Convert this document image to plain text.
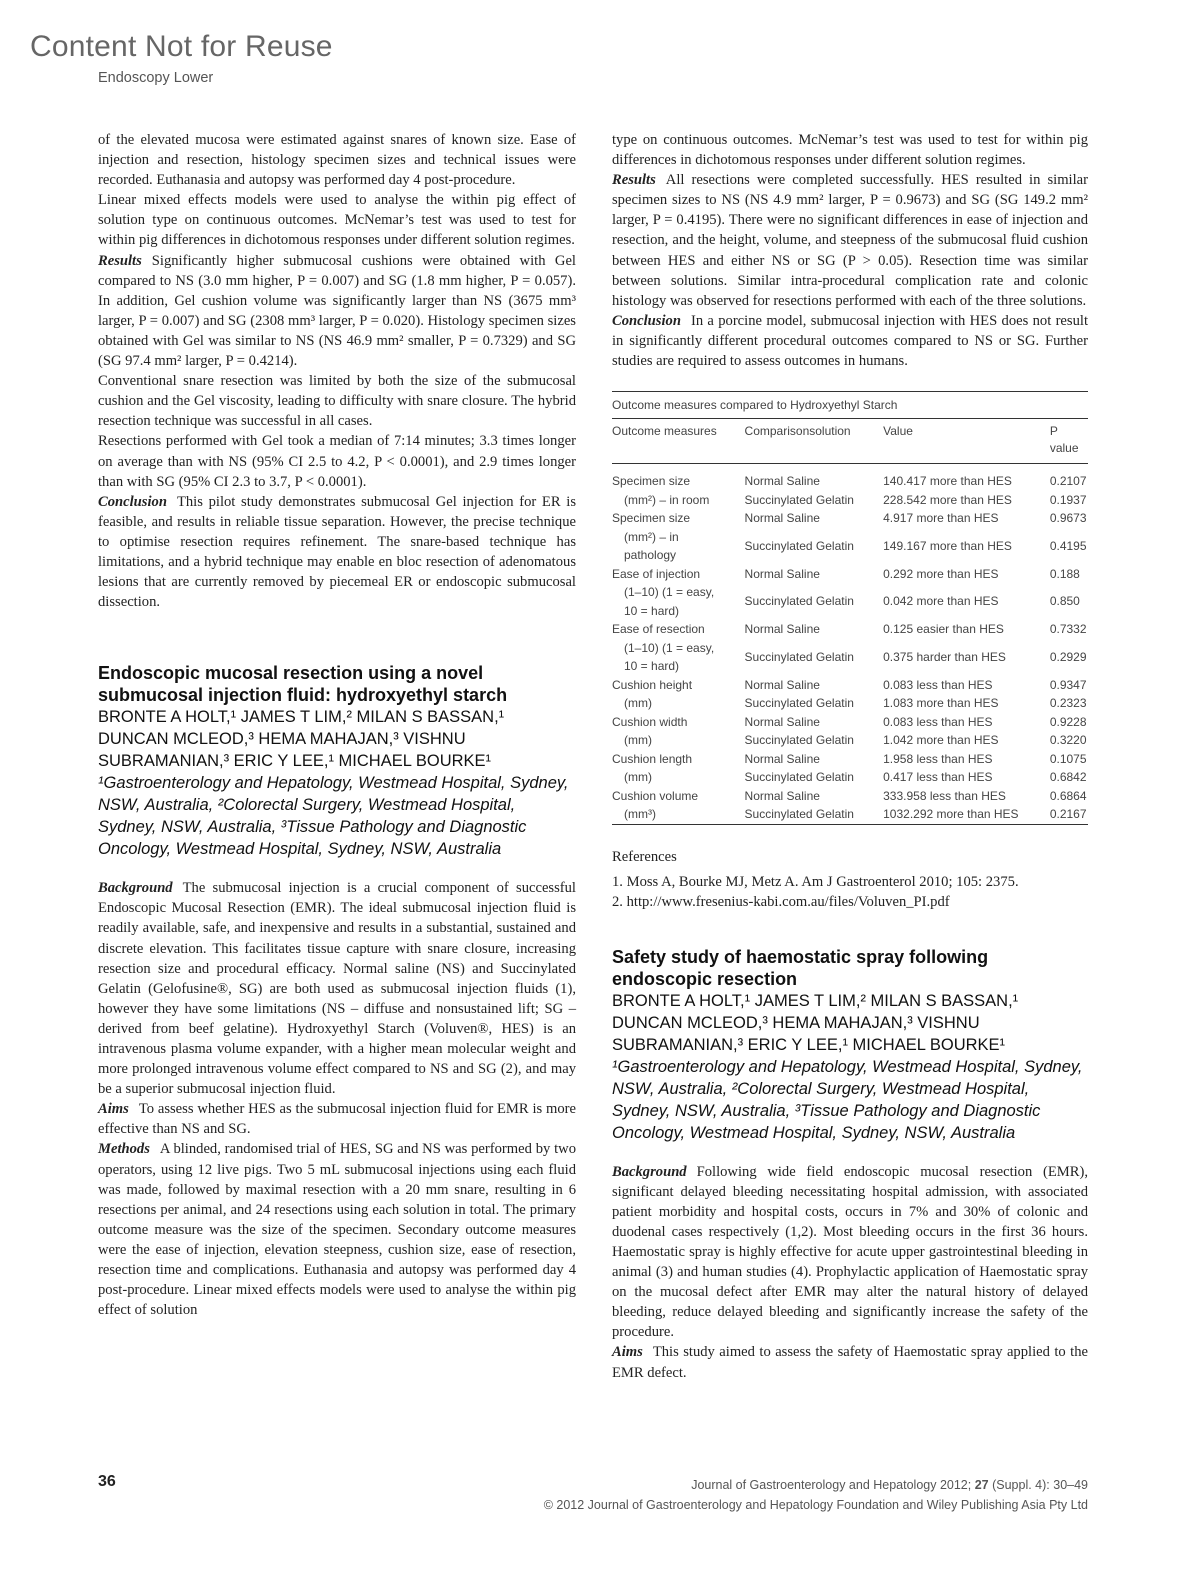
Content Not for Reuse
Endoscopy Lower

of the elevated mucosa were estimated against snares of known size. Ease of injection and resection, histology specimen sizes and technical issues were recorded. Euthanasia and autopsy was performed day 4 post-procedure.

Linear mixed effects models were used to analyse the within pig effect of solution type on continuous outcomes. McNemar’s test was used to test for within pig differences in dichotomous responses under different solution regimes.

Results Significantly higher submucosal cushions were obtained with Gel compared to NS (3.0 mm higher, P = 0.007) and SG (1.8 mm higher, P = 0.057). In addition, Gel cushion volume was significantly larger than NS (3675 mm³ larger, P = 0.007) and SG (2308 mm³ larger, P = 0.020). Histology specimen sizes obtained with Gel was similar to NS (NS 46.9 mm² smaller, P = 0.7329) and SG (SG 97.4 mm² larger, P = 0.4214).

Conventional snare resection was limited by both the size of the submucosal cushion and the Gel viscosity, leading to difficulty with snare closure. The hybrid resection technique was successful in all cases.

Resections performed with Gel took a median of 7:14 minutes; 3.3 times longer on average than with NS (95% CI 2.5 to 4.2, P < 0.0001), and 2.9 times longer than with SG (95% CI 2.3 to 3.7, P < 0.0001).

Conclusion This pilot study demonstrates submucosal Gel injection for ER is feasible, and results in reliable tissue separation. However, the precise technique to optimise resection requires refinement. The snare-based technique has limitations, and a hybrid technique may enable en bloc resection of adenomatous lesions that are currently removed by piecemeal ER or endoscopic submucosal dissection.

Endoscopic mucosal resection using a novel submucosal injection fluid: hydroxyethyl starch

BRONTE A HOLT,¹ JAMES T LIM,² MILAN S BASSAN,¹ DUNCAN MCLEOD,³ HEMA MAHAJAN,³ VISHNU SUBRAMANIAN,³ ERIC Y LEE,¹ MICHAEL BOURKE¹

¹Gastroenterology and Hepatology, Westmead Hospital, Sydney, NSW, Australia, ²Colorectal Surgery, Westmead Hospital, Sydney, NSW, Australia, ³Tissue Pathology and Diagnostic Oncology, Westmead Hospital, Sydney, NSW, Australia

Background The submucosal injection is a crucial component of successful Endoscopic Mucosal Resection (EMR). The ideal submucosal injection fluid is readily available, safe, and inexpensive and results in a substantial, sustained and discrete elevation. This facilitates tissue capture with snare closure, increasing resection size and procedural efficacy. Normal saline (NS) and Succinylated Gelatin (Gelofusine®, SG) are both used as submucosal injection fluids (1), however they have some limitations (NS – diffuse and nonsustained lift; SG – derived from beef gelatine). Hydroxyethyl Starch (Voluven®, HES) is an intravenous plasma volume expander, with a higher mean molecular weight and more prolonged intravenous volume effect compared to NS and SG (2), and may be a superior submucosal injection fluid.

Aims To assess whether HES as the submucosal injection fluid for EMR is more effective than NS and SG.

Methods A blinded, randomised trial of HES, SG and NS was performed by two operators, using 12 live pigs. Two 5 mL submucosal injections using each fluid was made, followed by maximal resection with a 20 mm snare, resulting in 6 resections per animal, and 24 resections using each solution in total. The primary outcome measure was the size of the specimen. Secondary outcome measures were the ease of injection, elevation steepness, cushion size, ease of resection, resection time and complications. Euthanasia and autopsy was performed day 4 post-procedure. Linear mixed effects models were used to analyse the within pig effect of solution

type on continuous outcomes. McNemar’s test was used to test for within pig differences in dichotomous responses under different solution regimes.

Results All resections were completed successfully. HES resulted in similar specimen sizes to NS (NS 4.9 mm² larger, P = 0.9673) and SG (SG 149.2 mm² larger, P = 0.4195). There were no significant differences in ease of injection and resection, and the height, volume, and steepness of the submucosal fluid cushion between HES and either NS or SG (P > 0.05). Resection time was similar between solutions. Similar intra-procedural complication rate and colonic histology was observed for resections performed with each of the three solutions.

Conclusion In a porcine model, submucosal injection with HES does not result in significantly different procedural outcomes compared to NS or SG. Further studies are required to assess outcomes in humans.

Outcome measures compared to Hydroxyethyl Starch
Outcome measures	Comparisonsolution	Value	P value

Specimen size
(mm²) – in room	Normal Saline	140.417 more than HES	0.2107
	Succinylated Gelatin	228.542 more than HES	0.1937

Specimen size
(mm²) – in
pathology	Normal Saline	4.917 more than HES	0.9673
	Succinylated Gelatin	149.167 more than HES	0.4195

Ease of injection
(1–10) (1 = easy,
10 = hard)	Normal Saline	0.292 more than HES	0.188
	Succinylated Gelatin	0.042 more than HES	0.850

Ease of resection
(1–10) (1 = easy,
10 = hard)	Normal Saline	0.125 easier than HES	0.7332
	Succinylated Gelatin	0.375 harder than HES	0.2929

Cushion height
(mm)	Normal Saline	0.083 less than HES	0.9347
	Succinylated Gelatin	1.083 more than HES	0.2323

Cushion width
(mm)	Normal Saline	0.083 less than HES	0.9228
	Succinylated Gelatin	1.042 more than HES	0.3220

Cushion length
(mm)	Normal Saline	1.958 less than HES	0.1075
	Succinylated Gelatin	0.417 less than HES	0.6842

Cushion volume
(mm³)	Normal Saline	333.958 less than HES	0.6864
	Succinylated Gelatin	1032.292 more than HES	0.2167

References

1. Moss A, Bourke MJ, Metz A. Am J Gastroenterol 2010; 105: 2375.
2. http://www.fresenius-kabi.com.au/files/Voluven_PI.pdf

Safety study of haemostatic spray following endoscopic resection

BRONTE A HOLT,¹ JAMES T LIM,² MILAN S BASSAN,¹ DUNCAN MCLEOD,³ HEMA MAHAJAN,³ VISHNU SUBRAMANIAN,³ ERIC Y LEE,¹ MICHAEL BOURKE¹

¹Gastroenterology and Hepatology, Westmead Hospital, Sydney, NSW, Australia, ²Colorectal Surgery, Westmead Hospital, Sydney, NSW, Australia, ³Tissue Pathology and Diagnostic Oncology, Westmead Hospital, Sydney, NSW, Australia

Background Following wide field endoscopic mucosal resection (EMR), significant delayed bleeding necessitating hospital admission, with associated patient morbidity and hospital costs, occurs in 7% and 30% of colonic and duodenal cases respectively (1,2). Most bleeding occurs in the first 36 hours. Haemostatic spray is highly effective for acute upper gastrointestinal bleeding in animal (3) and human studies (4). Prophylactic application of Haemostatic spray on the mucosal defect after EMR may alter the natural history of delayed bleeding, reduce delayed bleeding and significantly increase the safety of the procedure.

Aims This study aimed to assess the safety of Haemostatic spray applied to the EMR defect.

36	Journal of Gastroenterology and Hepatology 2012; 27 (Suppl. 4): 30–49
© 2012 Journal of Gastroenterology and Hepatology Foundation and Wiley Publishing Asia Pty Ltd
